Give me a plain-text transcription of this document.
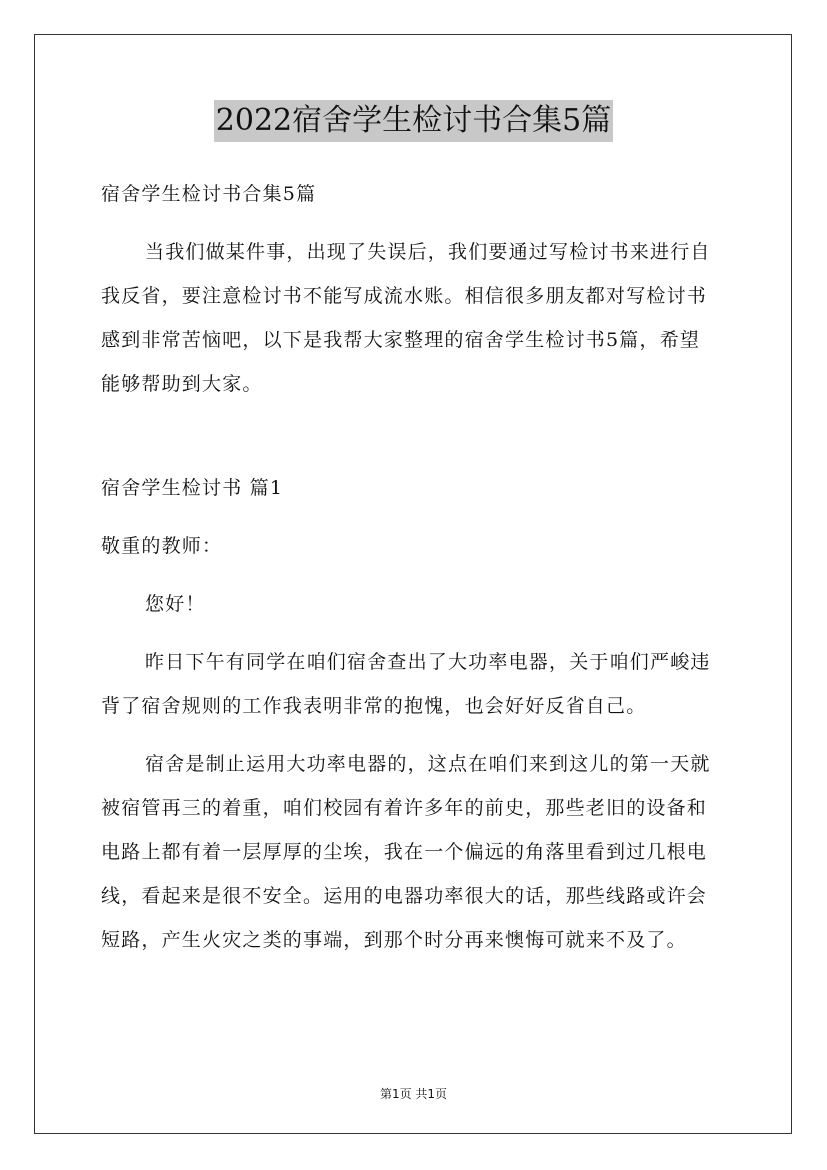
2022宿舍学生检讨书合集5篇
宿舍学生检讨书合集5篇
当我们做某件事，出现了失误后，我们要通过写检讨书来进行自
我反省，要注意检讨书不能写成流水账。相信很多朋友都对写检讨书
感到非常苦恼吧，以下是我帮大家整理的宿舍学生检讨书5篇，希望
能够帮助到大家。
宿舍学生检讨书 篇1
敬重的教师：
您好！
昨日下午有同学在咱们宿舍查出了大功率电器，关于咱们严峻违
背了宿舍规则的工作我表明非常的抱愧，也会好好反省自己。
宿舍是制止运用大功率电器的，这点在咱们来到这儿的第一天就
被宿管再三的着重，咱们校园有着许多年的前史，那些老旧的设备和
电路上都有着一层厚厚的尘埃，我在一个偏远的角落里看到过几根电
线，看起来是很不安全。运用的电器功率很大的话，那些线路或许会
短路，产生火灾之类的事端，到那个时分再来懊悔可就来不及了。
第1页 共1页
